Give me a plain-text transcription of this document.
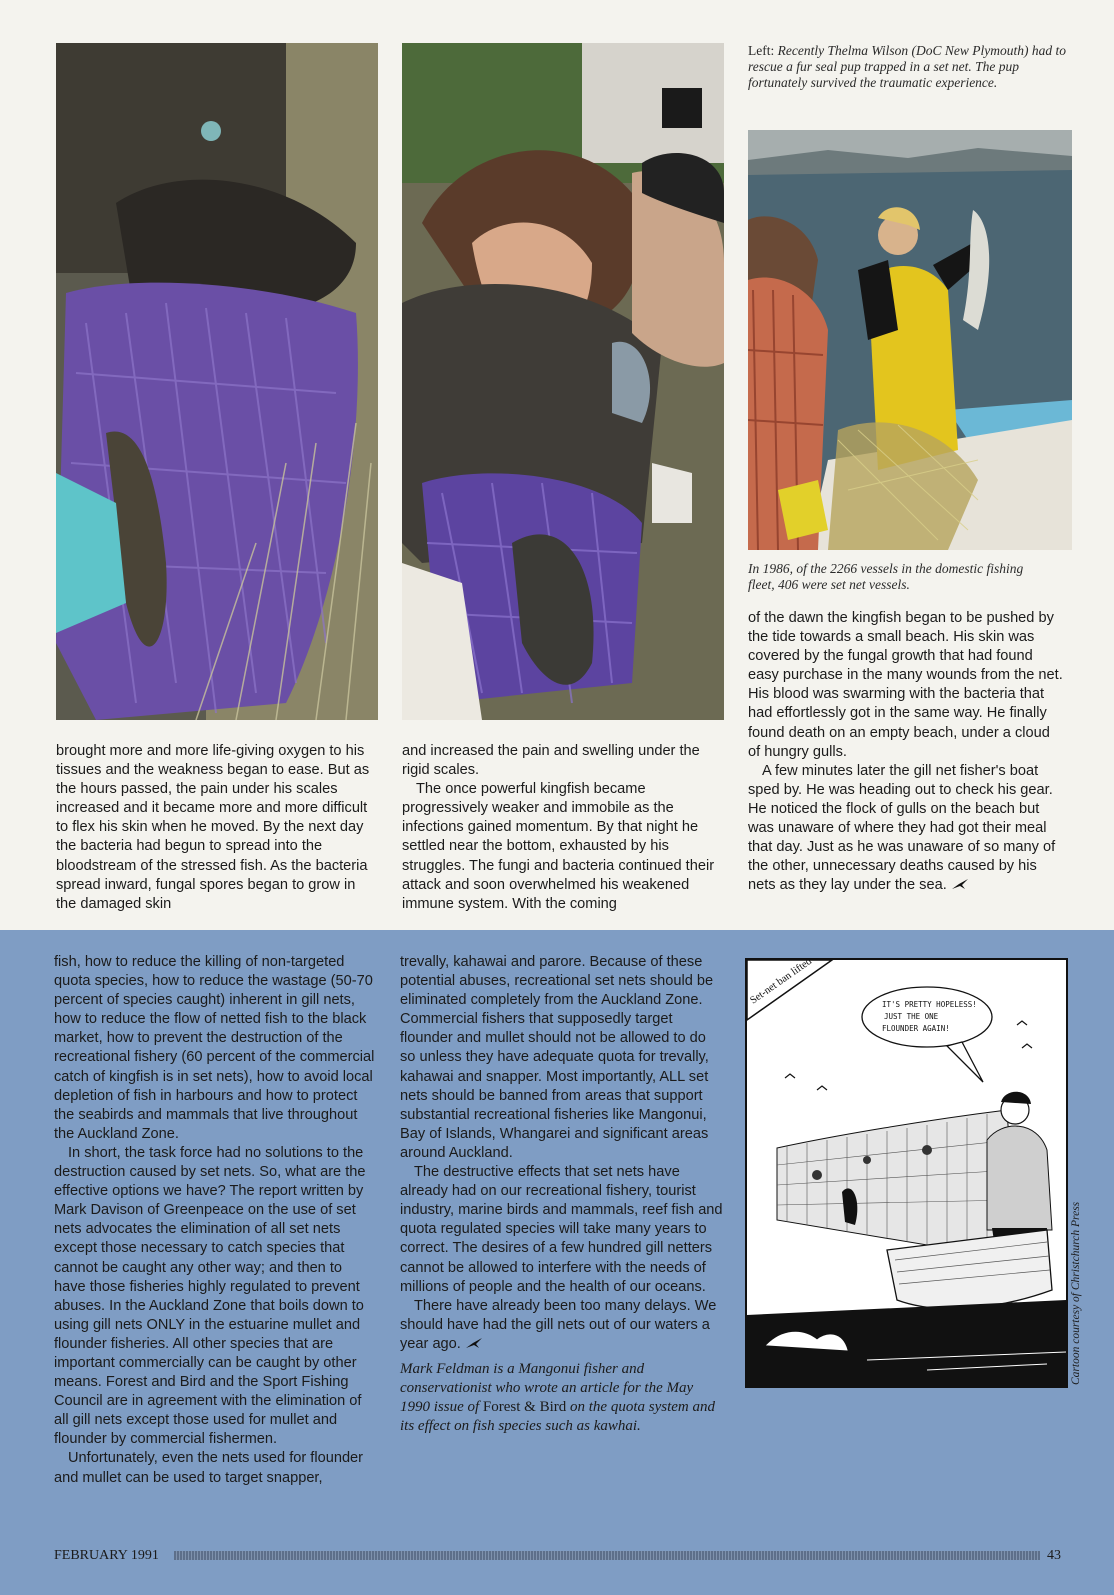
Left: Recently Thelma Wilson (DoC New Plymouth) had to rescue a fur seal pup trapped in a set net. The pup fortunately survived the traumatic experience.
In 1986, of the 2266 vessels in the domestic fishing fleet, 406 were set net vessels.

brought more and more life-giving oxygen to his tissues and the weakness began to ease. But as the hours passed, the pain under his scales increased and it became more and more difficult to flex his skin when he moved. By the next day the bacteria had begun to spread into the bloodstream of the stressed fish. As the bacteria spread inward, fungal spores began to grow in the damaged skin

and increased the pain and swelling under the rigid scales.

The once powerful kingfish became progressively weaker and immobile as the infections gained momentum. By that night he settled near the bottom, exhausted by his struggles. The fungi and bacteria continued their attack and soon overwhelmed his weakened immune system. With the coming

of the dawn the kingfish began to be pushed by the tide towards a small beach. His skin was covered by the fungal growth that had found easy purchase in the many wounds from the net. His blood was swarming with the bacteria that had effortlessly got in the same way. He finally found death on an empty beach, under a cloud of hungry gulls.

A few minutes later the gill net fisher's boat sped by. He was heading out to check his gear. He noticed the flock of gulls on the beach but was unaware of where they had got their meal that day. Just as he was unaware of so many of the other, unnecessary deaths caused by his nets as they lay under the sea.

fish, how to reduce the killing of non-targeted quota species, how to reduce the wastage (50-70 percent of species caught) inherent in gill nets, how to reduce the flow of netted fish to the black market, how to prevent the destruction of the recreational fishery (60 percent of the commercial catch of kingfish is in set nets), how to avoid local depletion of fish in harbours and how to protect the seabirds and mammals that live throughout the Auckland Zone.

In short, the task force had no solutions to the destruction caused by set nets. So, what are the effective options we have? The report written by Mark Davison of Greenpeace on the use of set nets advocates the elimination of all set nets except those necessary to catch species that cannot be caught any other way; and then to have those fisheries highly regulated to prevent abuses. In the Auckland Zone that boils down to using gill nets ONLY in the estuarine mullet and flounder fisheries. All other species that are important commercially can be caught by other means. Forest and Bird and the Sport Fishing Council are in agreement with the elimination of all gill nets except those used for mullet and flounder by commercial fishermen.

Unfortunately, even the nets used for flounder and mullet can be used to target snapper,

trevally, kahawai and parore. Because of these potential abuses, recreational set nets should be eliminated completely from the Auckland Zone. Commercial fishers that supposedly target flounder and mullet should not be allowed to do so unless they have adequate quota for trevally, kahawai and snapper. Most importantly, ALL set nets should be banned from areas that support substantial recreational fisheries like Mangonui, Bay of Islands, Whangarei and significant areas around Auckland.

The destructive effects that set nets have already had on our recreational fishery, tourist industry, marine birds and mammals, reef fish and quota regulated species will take many years to correct. The desires of a few hundred gill netters cannot be allowed to interfere with the needs of millions of people and the health of our oceans.

There have already been too many delays. We should have had the gill nets out of our waters a year ago.

Mark Feldman is a Mangonui fisher and conservationist who wrote an article for the May 1990 issue of Forest & Bird on the quota system and its effect on fish species such as kawhai.

Set-net ban lifted ...	IT'S PRETTY HOPELESS!
JUST THE ONE
FLOUNDER AGAIN!
Cartoon courtesy of Christchurch Press
FEBRUARY 1991	43
